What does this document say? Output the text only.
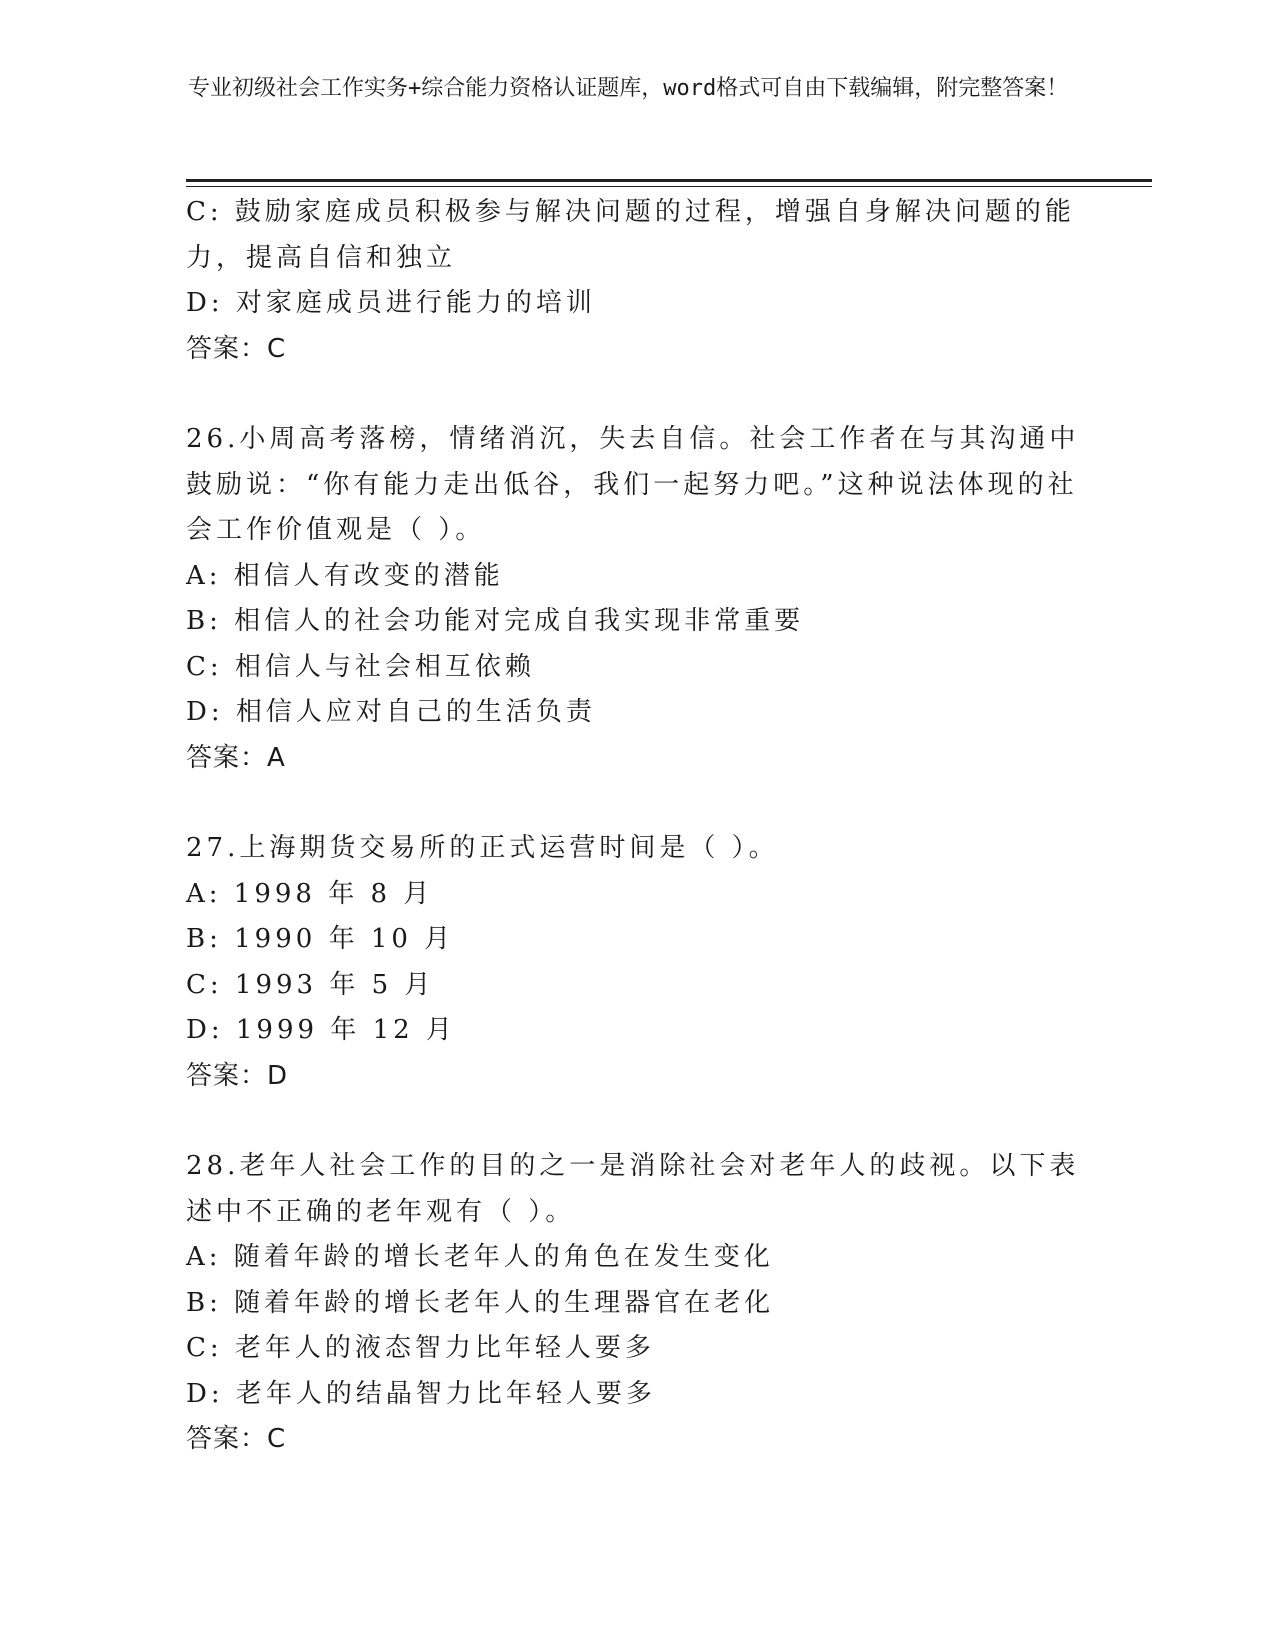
专业初级社会工作实务+综合能力资格认证题库，word格式可自由下载编辑，附完整答案！

C: 鼓励家庭成员积极参与解决问题的过程，增强自身解决问题的能力，提高自信和独立

D: 对家庭成员进行能力的培训

答案：C

26.小周高考落榜，情绪消沉，失去自信。社会工作者在与其沟通中鼓励说：“你有能力走出低谷，我们一起努力吧。”这种说法体现的社会工作价值观是（ ）。

A: 相信人有改变的潜能

B: 相信人的社会功能对完成自我实现非常重要

C: 相信人与社会相互依赖

D: 相信人应对自己的生活负责

答案：A

27.上海期货交易所的正式运营时间是（ ）。

A: 1998 年 8 月

B: 1990 年 10 月

C: 1993 年 5 月

D: 1999 年 12 月

答案：D

28.老年人社会工作的目的之一是消除社会对老年人的歧视。以下表述中不正确的老年观有（ ）。

A: 随着年龄的增长老年人的角色在发生变化

B: 随着年龄的增长老年人的生理器官在老化

C: 老年人的液态智力比年轻人要多

D: 老年人的结晶智力比年轻人要多

答案：C
